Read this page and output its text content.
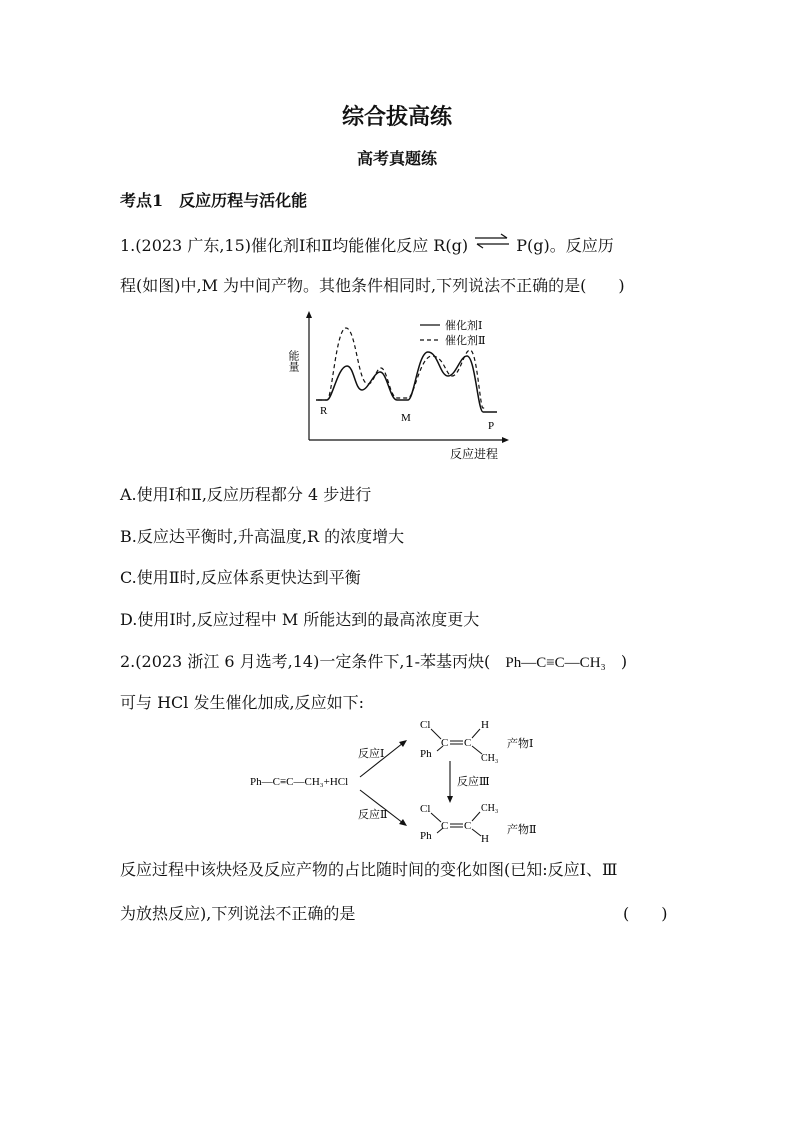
综合拔高练
高考真题练
考点1　反应历程与活化能
1.(2023 广东,15)催化剂Ⅰ和Ⅱ均能催化反应 R(g) ⇌ P(g)。反应历
程(如图)中,M 为中间产物。其他条件相同时,下列说法不正确的是(　　)
能量
反应进程
R
M
P
催化剂Ⅰ
催化剂Ⅱ
A.使用Ⅰ和Ⅱ,反应历程都分 4 步进行
B.反应达平衡时,升高温度,R 的浓度增大
C.使用Ⅱ时,反应体系更快达到平衡
D.使用Ⅰ时,反应过程中 M 所能达到的最高浓度更大
2.(2023 浙江 6 月选考,14)一定条件下,1-苯基丙炔( Ph—C≡C—CH₃ )
可与 HCl 发生催化加成,反应如下:
Ph—C≡C—CH₃+HCl
反应Ⅰ
反应Ⅱ
Cl
Ph
C C
H
CH₃
产物Ⅰ
反应Ⅲ
Cl
Ph
C C
CH₃
H
产物Ⅱ
反应过程中该炔烃及反应产物的占比随时间的变化如图(已知:反应Ⅰ、Ⅲ
为放热反应),下列说法不正确的是	(　　)
